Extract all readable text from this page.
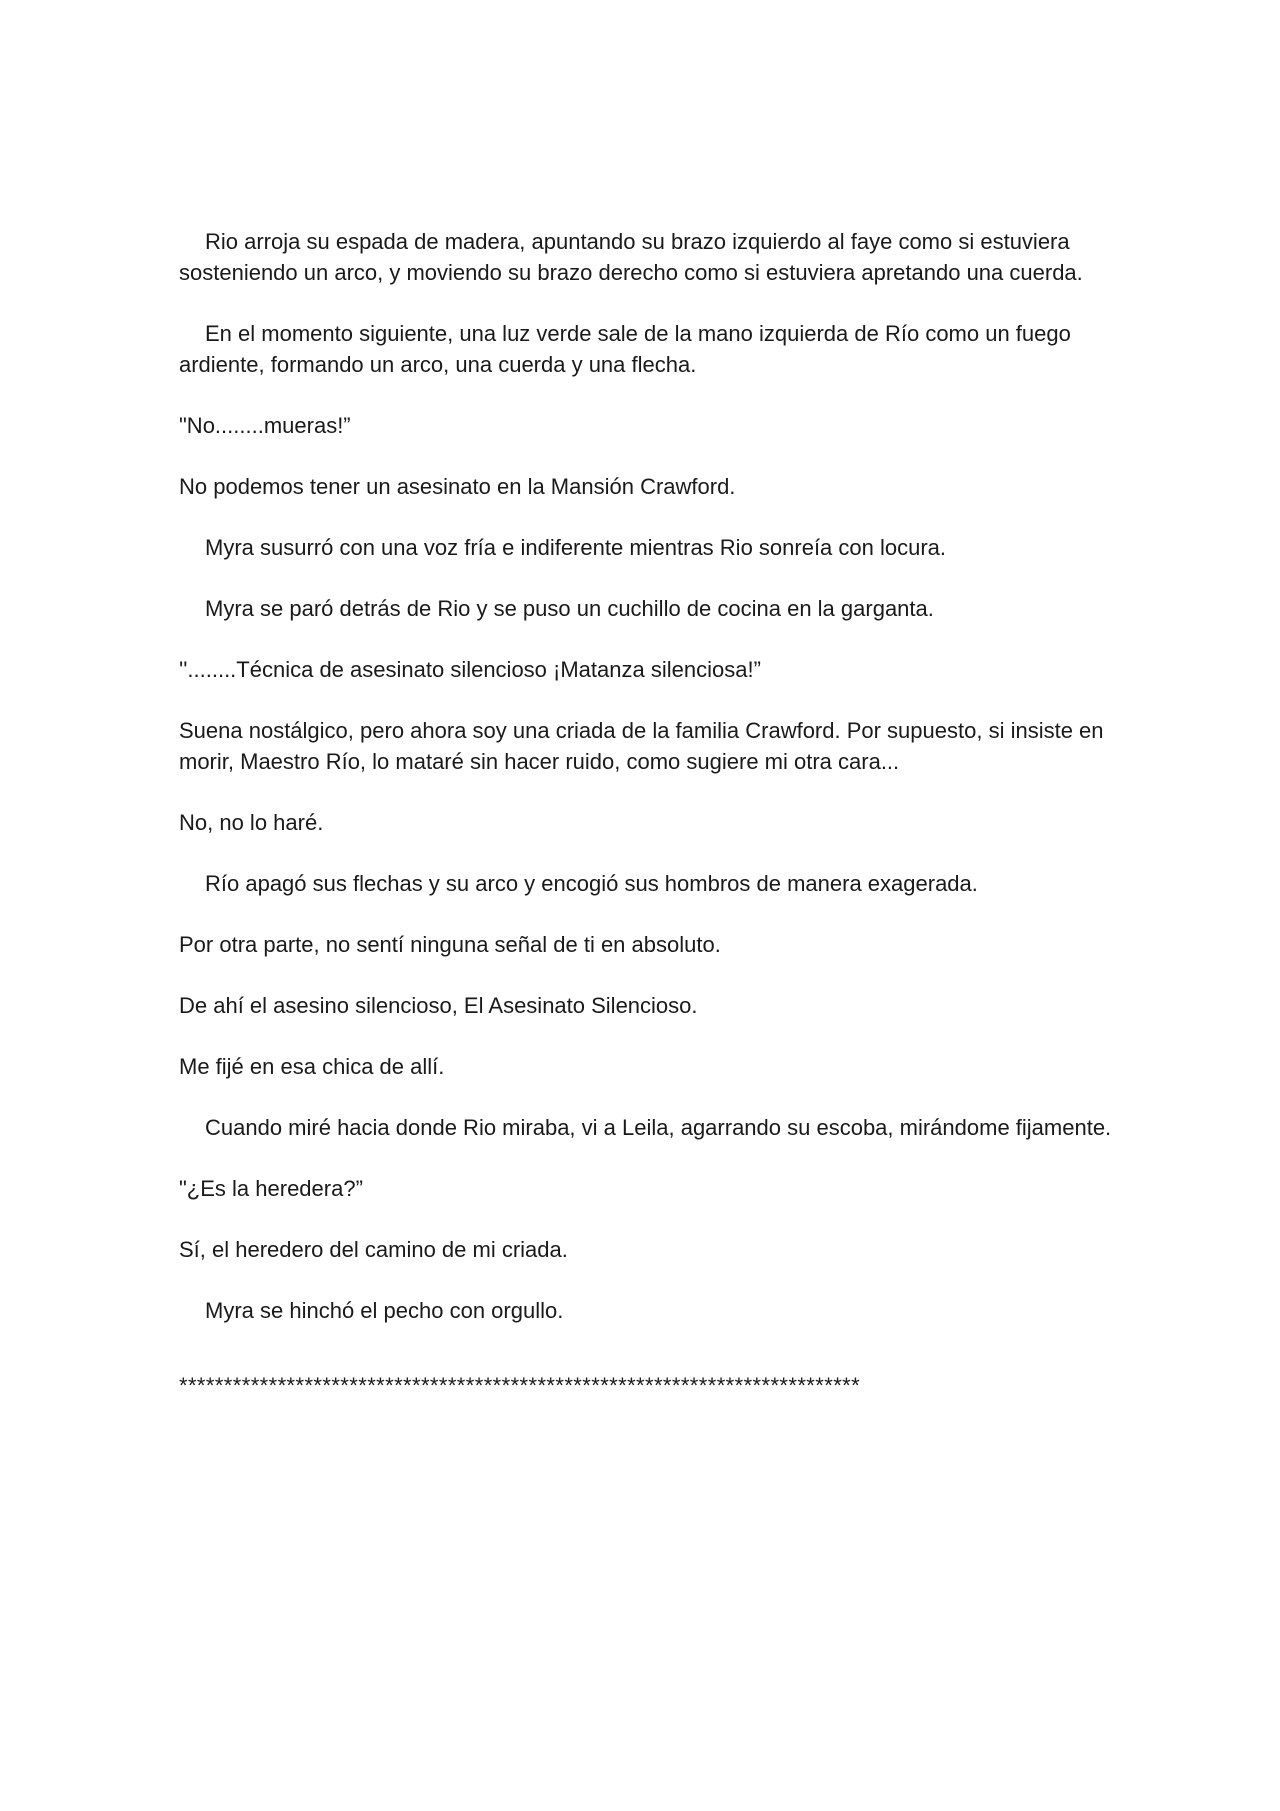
Rio arroja su espada de madera, apuntando su brazo izquierdo al faye como si estuviera sosteniendo un arco, y moviendo su brazo derecho como si estuviera apretando una cuerda.

En el momento siguiente, una luz verde sale de la mano izquierda de Río como un fuego ardiente, formando un arco, una cuerda y una flecha.

"No........mueras!”

No podemos tener un asesinato en la Mansión Crawford.

Myra susurró con una voz fría e indiferente mientras Rio sonreía con locura.

Myra se paró detrás de Rio y se puso un cuchillo de cocina en la garganta.

''........Técnica de asesinato silencioso ¡Matanza silenciosa!”

Suena nostálgico, pero ahora soy una criada de la familia Crawford. Por supuesto, si insiste en morir, Maestro Río, lo mataré sin hacer ruido, como sugiere mi otra cara...

No, no lo haré.

Río apagó sus flechas y su arco y encogió sus hombros de manera exagerada.

Por otra parte, no sentí ninguna señal de ti en absoluto.

De ahí el asesino silencioso, El Asesinato Silencioso.

Me fijé en esa chica de allí.

Cuando miré hacia donde Rio miraba, vi a Leila, agarrando su escoba, mirándome fijamente.

"¿Es la heredera?”

Sí, el heredero del camino de mi criada.

Myra se hinchó el pecho con orgullo.

****************************************************************************
